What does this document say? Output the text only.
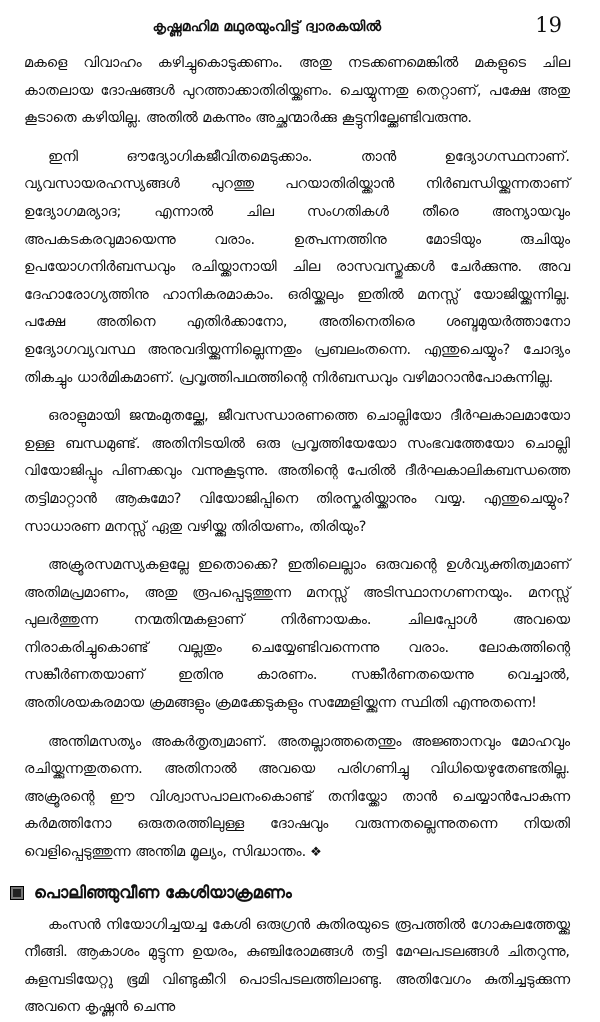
കൃഷ്ണമഹിമ മഥുരയുംവിട്ട് ദ്വാരകയിൽ	19

മകളെ വിവാഹം കഴിച്ചുകൊടുക്കണം. അതു നടക്കണമെങ്കിൽ മകളുടെ ചില കാതലായ ദോഷങ്ങൾ പുറത്താക്കാതിരിയ്ക്കണം. ചെയ്യുന്നതു തെറ്റാണ്, പക്ഷേ അതു കൂടാതെ കഴിയില്ല. അതിൽ മകന്നും അച്ഛന്മാർക്കു കൂട്ടുനില്ക്കേണ്ടിവരുന്നു.

ഇനി ഔദ്യോഗികജീവിതമെടുക്കാം. താൻ ഉദ്യോഗസ്ഥനാണ്. വ്യവസായരഹസ്യങ്ങൾ പുറത്തു പറയാതിരിയ്ക്കാൻ നിർബന്ധിയ്ക്കുന്നതാണ് ഉദ്യോഗമര്യാദ; എന്നാൽ ചില സംഗതികൾ തീരെ അന്യായവും അപകടകരവുമായെന്നു വരാം. ഉത്പന്നത്തിനു മോടിയും രുചിയും ഉപയോഗനിർബന്ധവും രചിയ്ക്കാനായി ചില രാസവസ്തുക്കൾ ചേർക്കുന്നു. അവ ദേഹാരോഗ്യത്തിനു ഹാനികരമാകാം. ഒരിയ്ക്കലും ഇതിൽ മനസ്സ് യോജിയ്ക്കുന്നില്ല. പക്ഷേ അതിനെ എതിർക്കാനോ, അതിനെതിരെ ശബ്ദമുയർത്താനോ ഉദ്യോഗവ്യവസ്ഥ അനുവദിയ്ക്കുന്നില്ലെന്നതും പ്രബലംതന്നെ. എന്തുചെയ്യും? ചോദ്യം തികച്ചും ധാർമികമാണ്. പ്രവൃത്തിപഥത്തിന്റെ നിർബന്ധവും വഴിമാറാൻപോകുന്നില്ല.

ഒരാളുമായി ജന്മംമുതല്ക്കേ, ജീവസന്ധാരണത്തെ ചൊല്ലിയോ ദീർഘകാലമായോ ഉള്ള ബന്ധമുണ്ട്. അതിനിടയിൽ ഒരു പ്രവൃത്തിയേയോ സംഭവത്തേയോ ചൊല്ലി വിയോജിപ്പും പിണക്കവും വന്നുകൂടുന്നു. അതിന്റെ പേരിൽ ദീർഘകാലികബന്ധത്തെ തട്ടിമാറ്റാൻ ആകുമോ? വിയോജിപ്പിനെ തിരസ്കരിയ്ക്കാനും വയ്യ. എന്തുചെയ്യും? സാധാരണ മനസ്സ് ഏതു വഴിയ്ക്കു തിരിയണം, തിരിയും?

അക്രൂരസമസ്യകളല്ലേ ഇതൊക്കെ? ഇതിലെല്ലാം ഒരുവന്റെ ഉൾവ്യക്തിത്വമാണ് അതിമപ്രമാണം, അതു രൂപപ്പെടുത്തുന്ന മനസ്സ് അടിസ്ഥാനഗണനയും. മനസ്സ് പുലർത്തുന്ന നന്മതിന്മകളാണ് നിർണായകം. ചിലപ്പോൾ അവയെ നിരാകരിച്ചുകൊണ്ട് വല്ലതും ചെയ്യേണ്ടിവന്നെന്നു വരാം. ലോകത്തിന്റെ സങ്കീർണതയാണ് ഇതിനു കാരണം. സങ്കീർണതയെന്നു വെച്ചാൽ, അതിശയകരമായ ക്രമങ്ങളും ക്രമക്കേടുകളും സമ്മേളിയ്ക്കുന്ന സ്ഥിതി എന്നുതന്നെ!

അന്തിമസത്യം അകർതൃത്വമാണ്. അതല്ലാത്തതെന്തും അജ്ഞാനവും മോഹവും രചിയ്ക്കുന്നതുതന്നെ. അതിനാൽ അവയെ പരിഗണിച്ചു വിധിയെഴുതേണ്ടതില്ല. അക്രൂരന്റെ ഈ വിശ്വാസപാലനംകൊണ്ട് തനിയ്ക്കോ താൻ ചെയ്യാൻപോകുന്ന കർമത്തിനോ ഒരുതരത്തിലുള്ള ദോഷവും വരുന്നതല്ലെന്നുതന്നെ നിയതി വെളിപ്പെടുത്തുന്ന അന്തിമ മൂല്യം, സിദ്ധാന്തം. ❖

പൊലിഞ്ഞുവീണ കേശിയാക്രമണം

കംസൻ നിയോഗിച്ചയച്ച കേശി ഒരുഗ്രൻ കുതിരയുടെ രൂപത്തിൽ ഗോകുലത്തേയ്ക്കു നീങ്ങി. ആകാശം മുട്ടുന്ന ഉയരം, കുഞ്ചിരോമങ്ങൾ തട്ടി മേഘപടലങ്ങൾ ചിതറുന്നു, കുളമ്പടിയേറ്റു ഭൂമി വിണ്ടുകീറി പൊടിപടലത്തിലാണ്ടു. അതിവേഗം കുതിച്ചടുക്കുന്ന അവനെ കൃഷ്ണൻ ചെന്നു
